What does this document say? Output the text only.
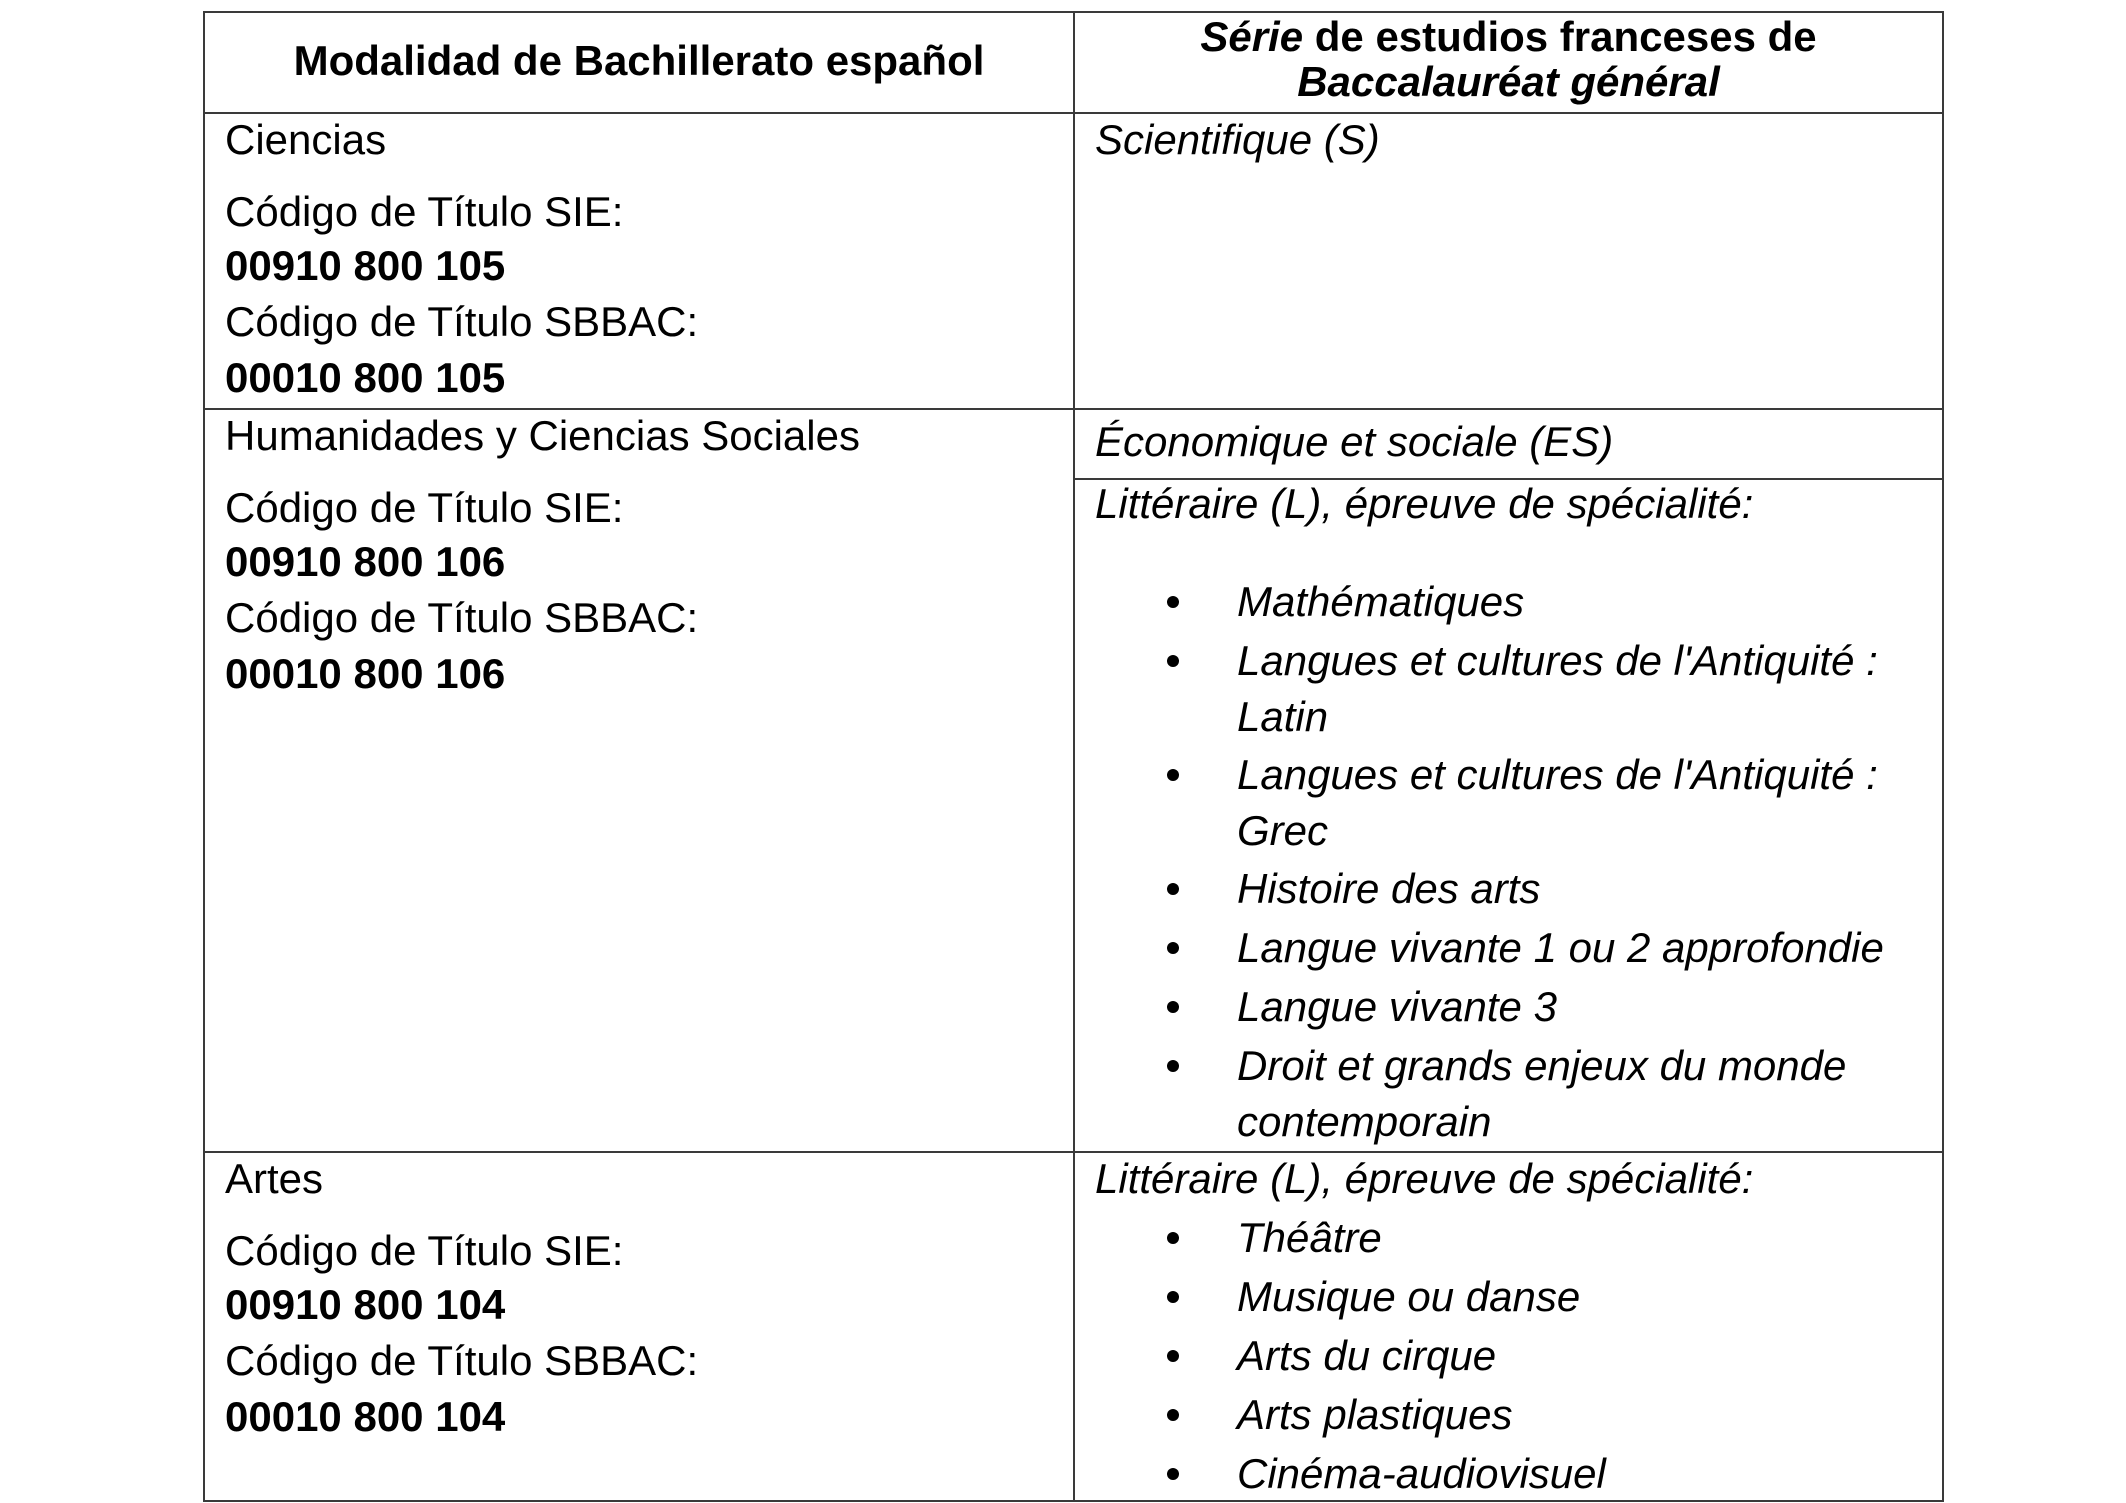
Modalidad de Bachillerato español
Série de estudios franceses de
Baccalauréat général
Ciencias
Código de Título SIE:
00910 800 105
Código de Título SBBAC:
00010 800 105
Scientifique (S)
Humanidades y Ciencias Sociales
Código de Título SIE:
00910 800 106
Código de Título SBBAC:
00010 800 106
Économique et sociale (ES)
Littéraire (L), épreuve de spécialité:
Mathématiques
Langues et cultures de l'Antiquité :
Latin
Langues et cultures de l'Antiquité :
Grec
Histoire des arts
Langue vivante 1 ou 2 approfondie
Langue vivante 3
Droit et grands enjeux du monde
contemporain
Artes
Código de Título SIE:
00910 800 104
Código de Título SBBAC:
00010 800 104
Littéraire (L), épreuve de spécialité:
Théâtre
Musique ou danse
Arts du cirque
Arts plastiques
Cinéma-audiovisuel
